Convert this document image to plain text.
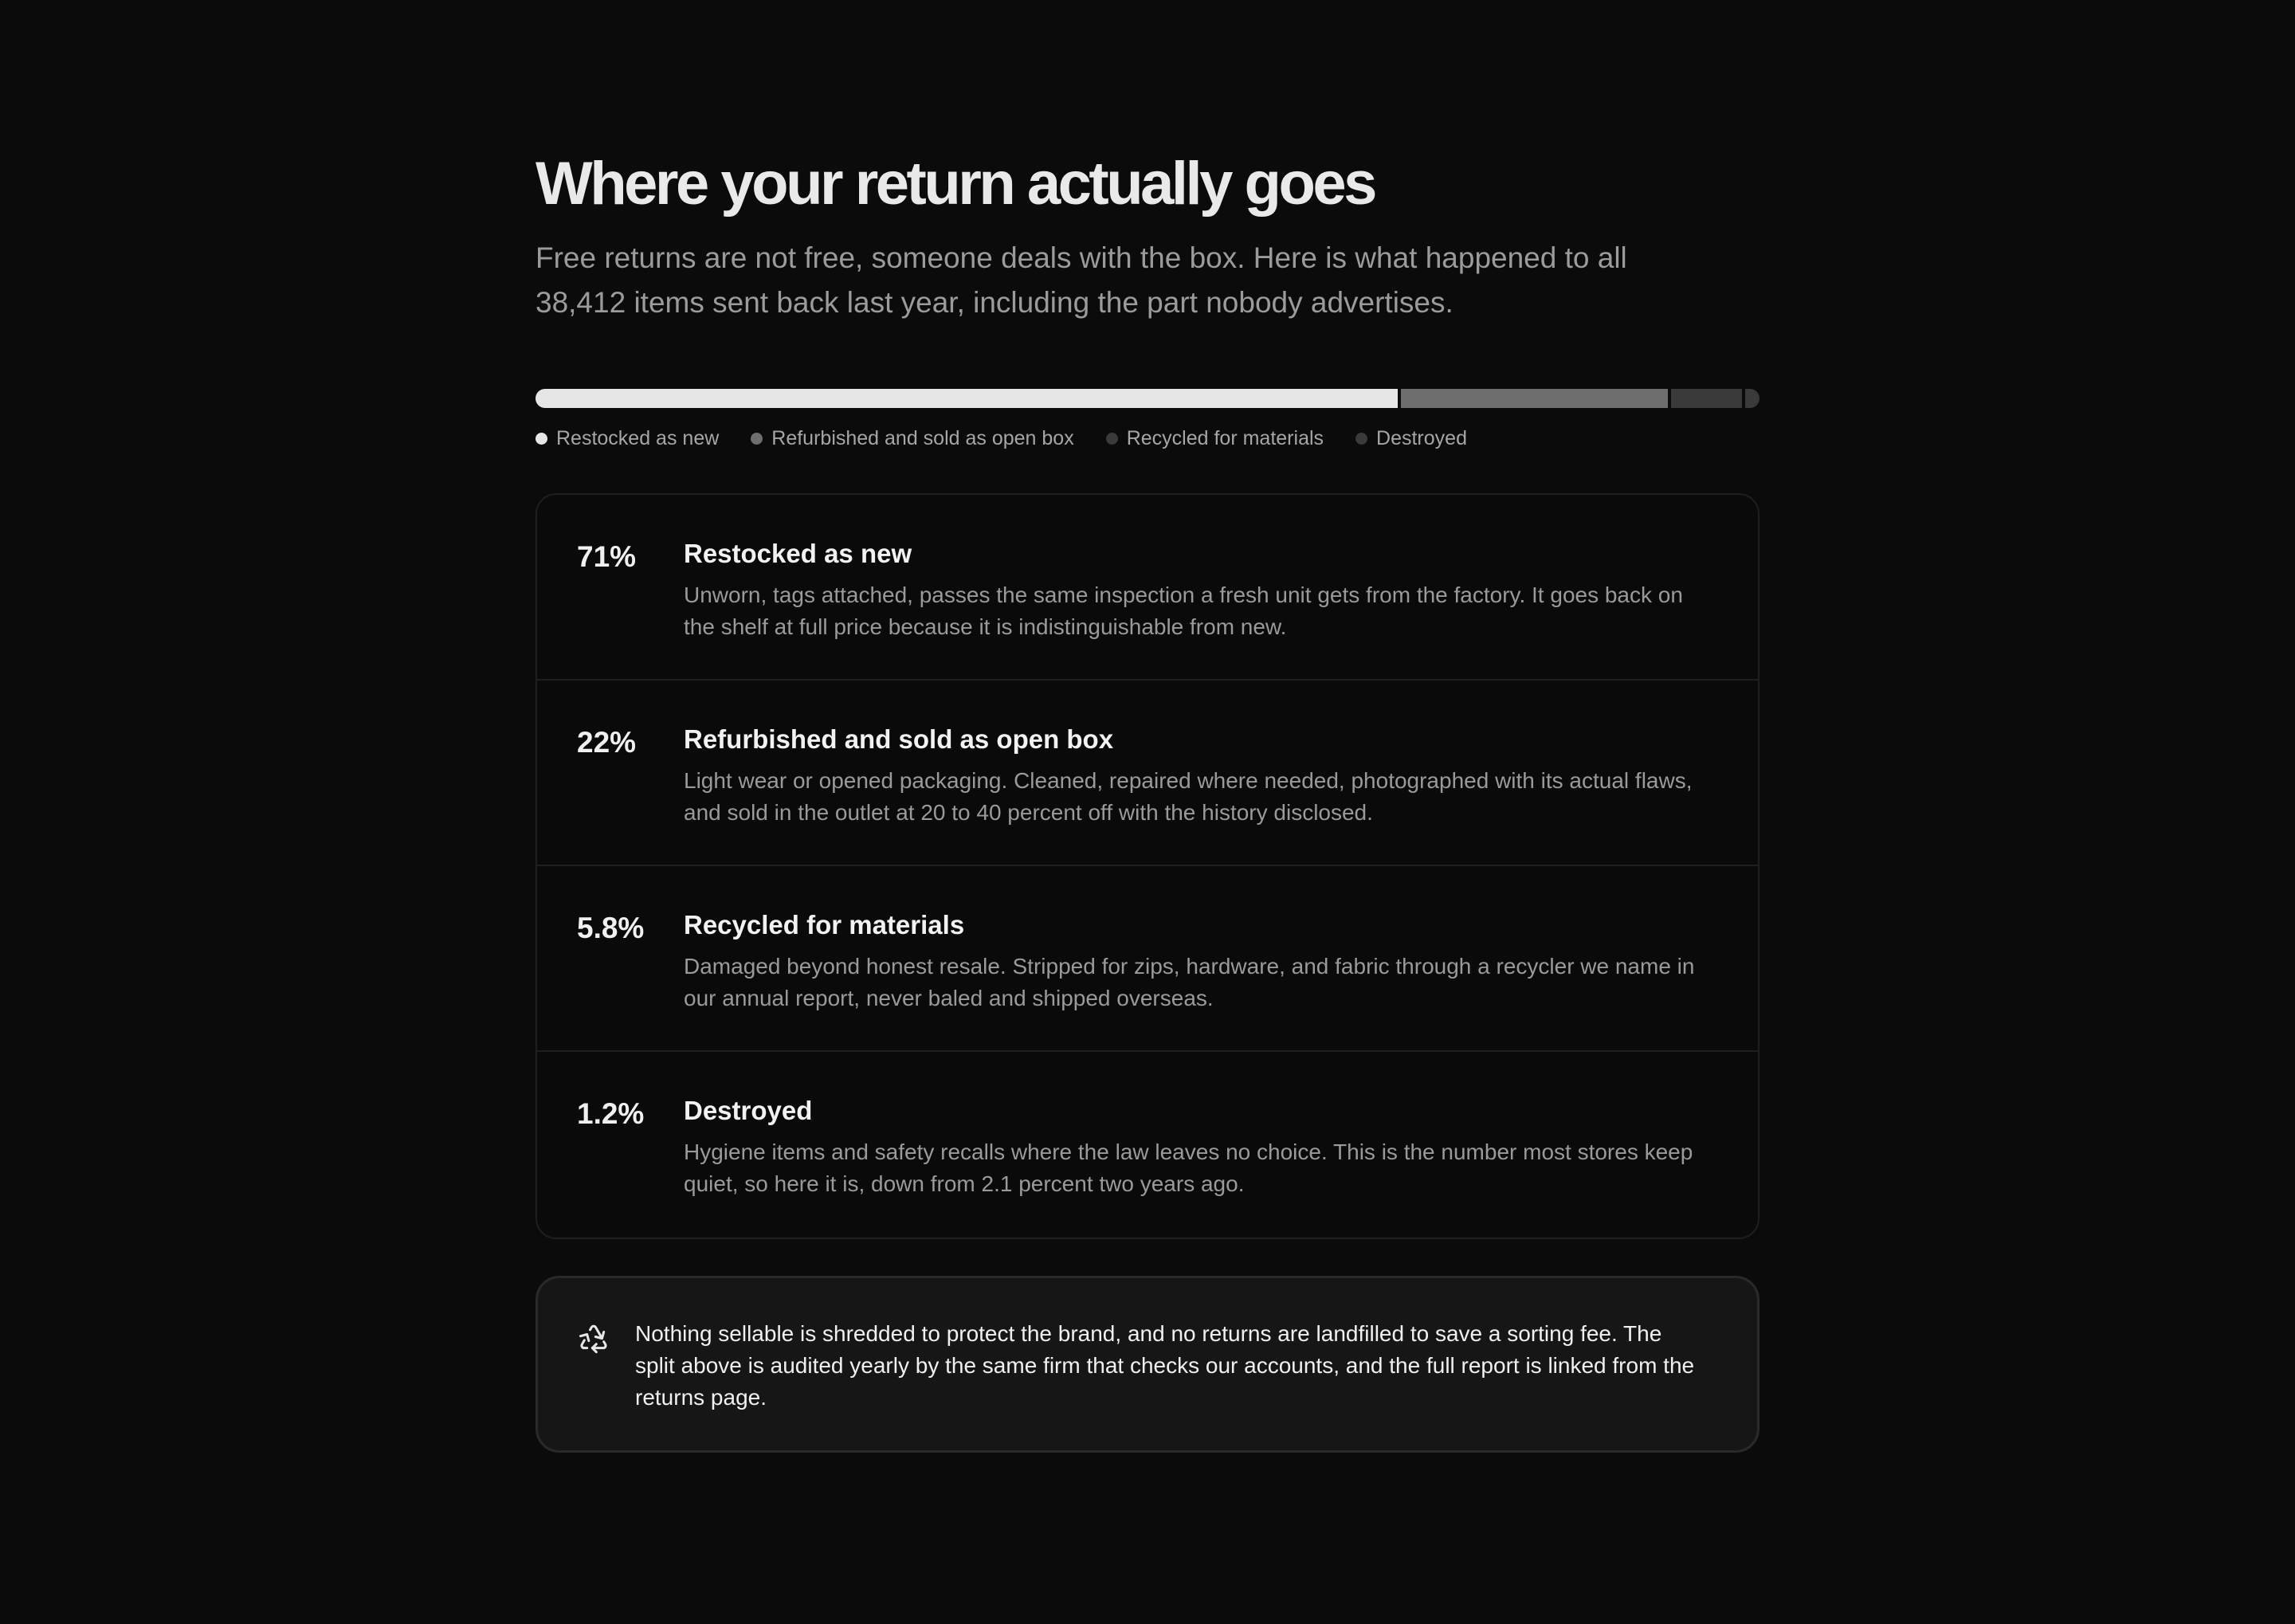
Where your return actually goes

Free returns are not free, someone deals with the box. Here is what happened to all 38,412 items sent back last year, including the part nobody advertises.

Restocked as new	Refurbished and sold as open box	Recycled for materials	Destroyed
71%	Restocked as new
Unworn, tags attached, passes the same inspection a fresh unit gets from the factory. It goes back on the shelf at full price because it is indistinguishable from new.
22%	Refurbished and sold as open box
Light wear or opened packaging. Cleaned, repaired where needed, photographed with its actual flaws, and sold in the outlet at 20 to 40 percent off with the history disclosed.
5.8%	Recycled for materials
Damaged beyond honest resale. Stripped for zips, hardware, and fabric through a recycler we name in our annual report, never baled and shipped overseas.
1.2%	Destroyed
Hygiene items and safety recalls where the law leaves no choice. This is the number most stores keep quiet, so here it is, down from 2.1 percent two years ago.
Nothing sellable is shredded to protect the brand, and no returns are landfilled to save a sorting fee. The split above is audited yearly by the same firm that checks our accounts, and the full report is linked from the returns page.
